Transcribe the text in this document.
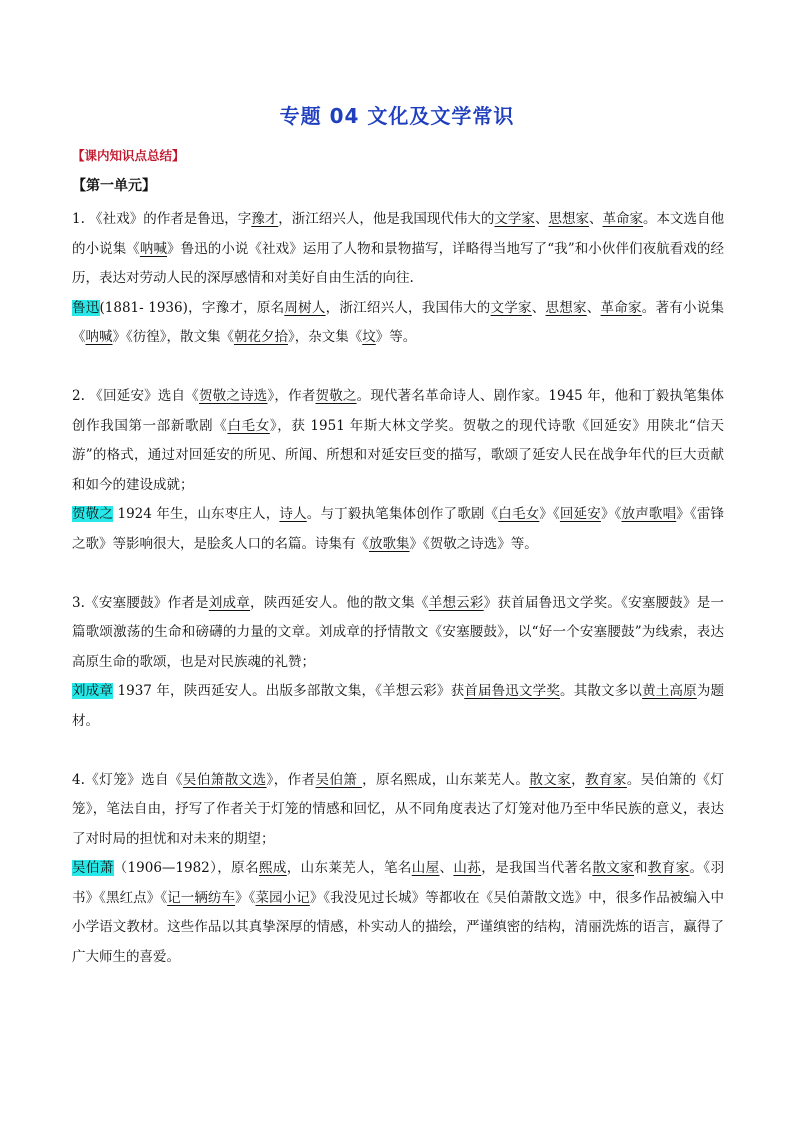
专题 04 文化及文学常识
【课内知识点总结】
【第一单元】

1. 《社戏》的作者是鲁迅，字豫才，浙江绍兴人，他是我国现代伟大的文学家、思想家、革命家。本文选自他的小说集《呐喊》鲁迅的小说《社戏》运用了人物和景物描写，详略得当地写了“我”和小伙伴们夜航看戏的经历，表达对劳动人民的深厚感情和对美好自由生活的向往.

鲁迅(1881- 1936)，字豫才，原名周树人，浙江绍兴人，我国伟大的文学家、思想家、革命家。著有小说集《呐喊》《彷徨》，散文集《朝花夕拾》，杂文集《坟》等。

2. 《回延安》选自《贺敬之诗选》，作者贺敬之。现代著名革命诗人、剧作家。1945 年，他和丁毅执笔集体创作我国第一部新歌剧《白毛女》，获 1951 年斯大林文学奖。贺敬之的现代诗歌《回延安》用陕北“信天游”的格式，通过对回延安的所见、所闻、所想和对延安巨变的描写，歌颂了延安人民在战争年代的巨大贡献和如今的建设成就；

贺敬之 1924 年生，山东枣庄人，诗人。与丁毅执笔集体创作了歌剧《白毛女》《回延安》《放声歌唱》《雷锋之歌》等影响很大，是脍炙人口的名篇。诗集有《放歌集》《贺敬之诗选》等。

3.《安塞腰鼓》作者是刘成章，陕西延安人。他的散文集《羊想云彩》获首届鲁迅文学奖。《安塞腰鼓》是一篇歌颂激荡的生命和磅礴的力量的文章。刘成章的抒情散文《安塞腰鼓》，以“好一个安塞腰鼓”为线索，表达高原生命的歌颂，也是对民族魂的礼赞；

刘成章 1937 年，陕西延安人。出版多部散文集，《羊想云彩》获首届鲁迅文学奖。其散文多以黄土高原为题材。

4.《灯笼》选自《吴伯箫散文选》，作者吴伯箫 ，原名熙成，山东莱芜人。散文家，教育家。吴伯箫的《灯笼》，笔法自由，抒写了作者关于灯笼的情感和回忆，从不同角度表达了灯笼对他乃至中华民族的意义，表达了对时局的担忧和对未来的期望；

吴伯萧（1906—1982），原名熙成，山东莱芜人，笔名山屋、山荪，是我国当代著名散文家和教育家。《羽书》《黑红点》《记一辆纺车》《菜园小记》《我没见过长城》等都收在《吴伯萧散文选》中，很多作品被编入中小学语文教材。这些作品以其真挚深厚的情感，朴实动人的描绘，严谨缜密的结构，清丽洗炼的语言，赢得了广大师生的喜爱。
